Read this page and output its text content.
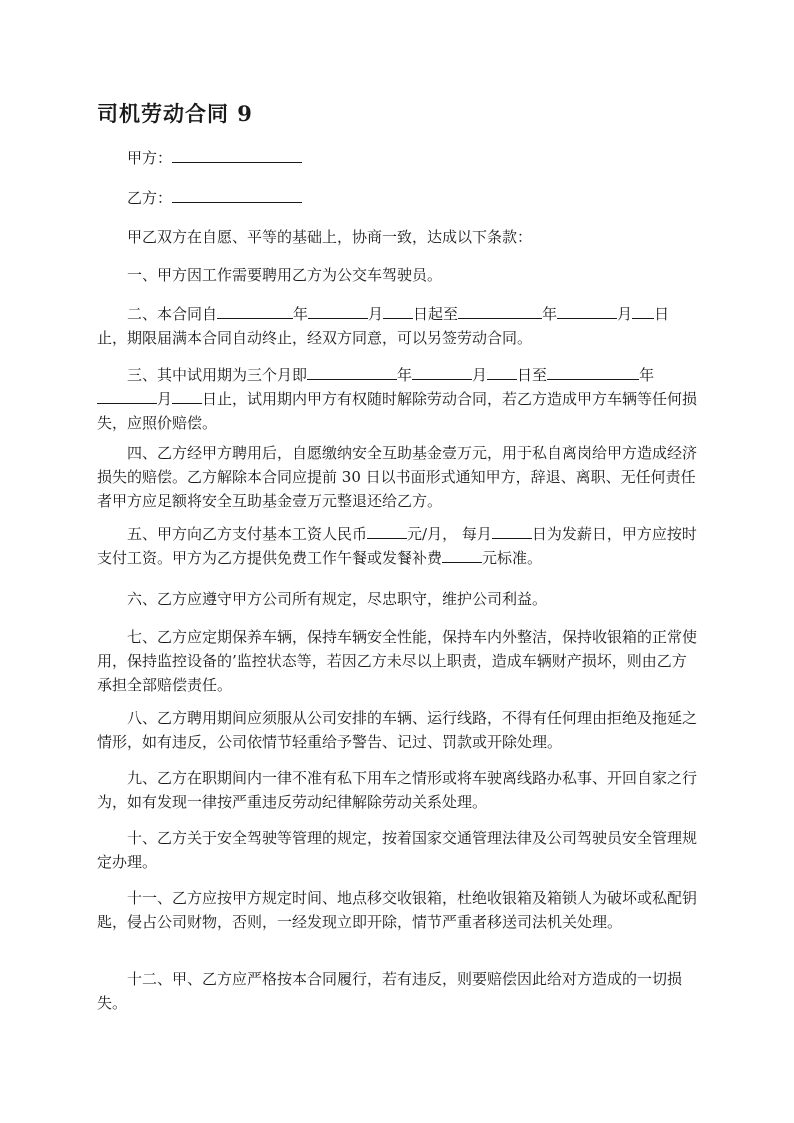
司机劳动合同 9

甲方：

乙方：

甲乙双方在自愿、平等的基础上，协商一致，达成以下条款：

一、甲方因工作需要聘用乙方为公交车驾驶员。

二、本合同自	年	月 日起至	年	月 日止，期限届满本合同自动终止，经双方同意，可以另签劳动合同。

三、其中试用期为三个月即	年	月 日至	年月 日止，试用期内甲方有权随时解除劳动合同，若乙方造成甲方车辆等任何损失，应照价赔偿。

四、乙方经甲方聘用后，自愿缴纳安全互助基金壹万元，用于私自离岗给甲方造成经济损失的赔偿。乙方解除本合同应提前 30 日以书面形式通知甲方，辞退、离职、无任何责任者甲方应足额将安全互助基金壹万元整退还给乙方。

五、甲方向乙方支付基本工资人民币	元/月， 每月	日为发薪日，甲方应按时支付工资。甲方为乙方提供免费工作午餐或发餐补费	元标准。

六、乙方应遵守甲方公司所有规定，尽忠职守，维护公司利益。

七、乙方应定期保养车辆，保持车辆安全性能，保持车内外整洁，保持收银箱的正常使用，保持监控设备的’监控状态等，若因乙方未尽以上职责，造成车辆财产损坏，则由乙方承担全部赔偿责任。

八、乙方聘用期间应须服从公司安排的车辆、运行线路，不得有任何理由拒绝及拖延之情形，如有违反，公司依情节轻重给予警告、记过、罚款或开除处理。

九、乙方在职期间内一律不准有私下用车之情形或将车驶离线路办私事、开回自家之行为，如有发现一律按严重违反劳动纪律解除劳动关系处理。

十、乙方关于安全驾驶等管理的规定，按着国家交通管理法律及公司驾驶员安全管理规定办理。

十一、乙方应按甲方规定时间、地点移交收银箱，杜绝收银箱及箱锁人为破坏或私配钥匙，侵占公司财物，否则，一经发现立即开除，情节严重者移送司法机关处理。

十二、甲、乙方应严格按本合同履行，若有违反，则要赔偿因此给对方造成的一切损失。
